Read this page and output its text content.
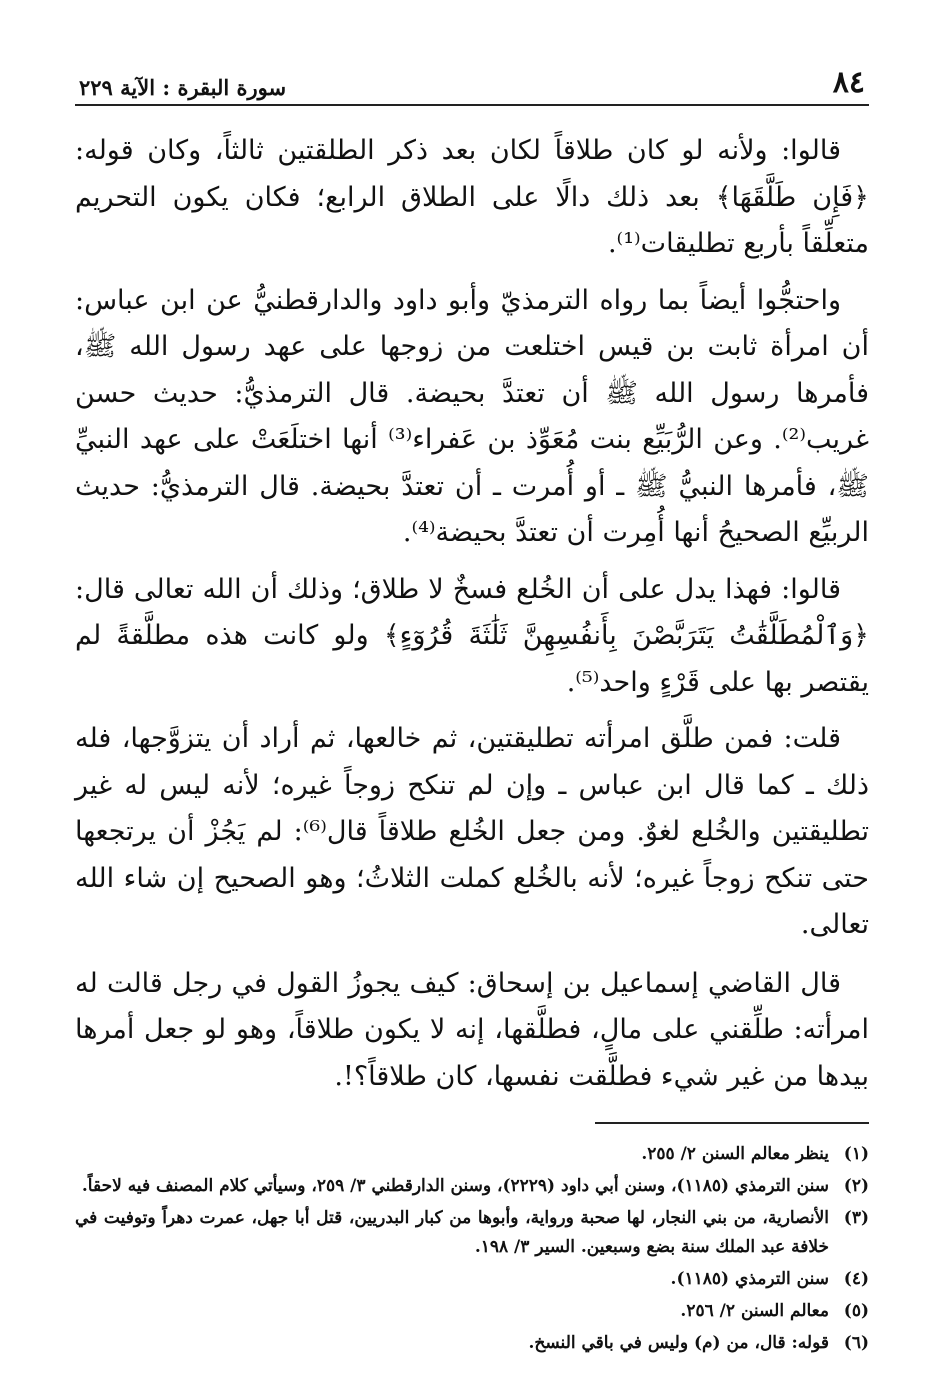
٨٤
سورة البقرة : الآية ٢٢٩

قالوا: ولأنه لو كان طلاقاً لكان بعد ذكر الطلقتين ثالثاً، وكان قوله: ﴿فَإِن طَلَّقَهَا﴾ بعد ذلك دالًا على الطلاق الرابع؛ فكان يكون التحريم متعلِّقاً بأربع تطليقات⁽¹⁾.

واحتجُّوا أيضاً بما رواه الترمذيّ وأبو داود والدارقطنيُّ عن ابن عباس: أن امرأة ثابت بن قيس اختلعت من زوجها على عهد رسول الله ﷺ، فأمرها رسول الله ﷺ أن تعتدَّ بحيضة. قال الترمذيُّ: حديث حسن غريب⁽²⁾. وعن الرُّبَيِّع بنت مُعَوِّذ بن عَفراء⁽³⁾ أنها اختلَعَتْ على عهد النبيِّ ﷺ، فأمرها النبيُّ ﷺ ـ أو أُمرت ـ أن تعتدَّ بحيضة. قال الترمذيُّ: حديث الربيِّع الصحيحُ أنها أُمِرت أن تعتدَّ بحيضة⁽⁴⁾.

قالوا: فهذا يدل على أن الخُلع فسخٌ لا طلاق؛ وذلك أن الله تعالى قال: ﴿وَٱلْمُطَلَّقَٰتُ يَتَرَبَّصْنَ بِأَنفُسِهِنَّ ثَلَٰثَةَ قُرُوٓءٍ﴾ ولو كانت هذه مطلَّقةً لم يقتصر بها على قَرْءٍ واحد⁽⁵⁾.

قلت: فمن طلَّق امرأته تطليقتين، ثم خالعها، ثم أراد أن يتزوَّجها، فله ذلك ـ كما قال ابن عباس ـ وإن لم تنكح زوجاً غيره؛ لأنه ليس له غير تطليقتين والخُلع لغوٌ. ومن جعل الخُلع طلاقاً قال⁽⁶⁾: لم يَجُزْ أن يرتجعها حتى تنكح زوجاً غيره؛ لأنه بالخُلع كملت الثلاثُ؛ وهو الصحيح إن شاء الله تعالى.

قال القاضي إسماعيل بن إسحاق: كيف يجوزُ القول في رجل قالت له امرأته: طلِّقني على مالٍ، فطلَّقها، إنه لا يكون طلاقاً، وهو لو جعل أمرها بيدها من غير شيء فطلَّقت نفسها، كان طلاقاً؟!.

(١)
ينظر معالم السنن ٢/ ٢٥٥.
(٢)
سنن الترمذي (١١٨٥)، وسنن أبي داود (٢٢٢٩)، وسنن الدارقطني ٣/ ٢٥٩، وسيأتي كلام المصنف فيه لاحقاً.
(٣)
الأنصارية، من بني النجار، لها صحبة ورواية، وأبوها من كبار البدريين، قتل أبا جهل، عمرت دهراً وتوفيت في خلافة عبد الملك سنة بضع وسبعين. السير ٣/ ١٩٨.
(٤)
سنن الترمذي (١١٨٥).
(٥)
معالم السنن ٢/ ٢٥٦.
(٦)
قوله: قال، من (م) وليس في باقي النسخ.
